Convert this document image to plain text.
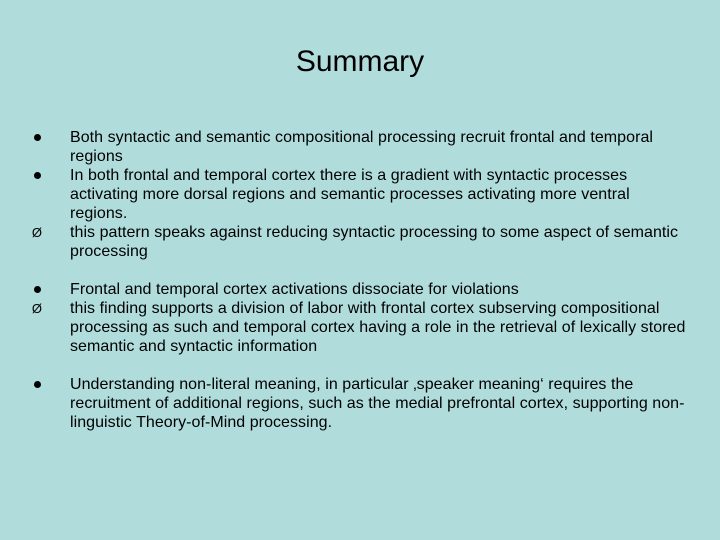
Summary
Both syntactic and semantic compositional processing recruit frontal and temporal regions
In both frontal and temporal cortex there is a gradient with syntactic processes activating more dorsal regions and semantic processes activating more ventral regions.
Ø this pattern speaks against reducing syntactic processing to some aspect of semantic processing
Frontal and temporal cortex activations dissociate for violations
Ø this finding supports a division of labor with frontal cortex subserving compositional processing as such and temporal cortex having a role in the retrieval of lexically stored semantic and syntactic information
Understanding non-literal meaning, in particular ‚speaker meaning‘ requires the recruitment of additional regions, such as the medial prefrontal cortex, supporting non-linguistic Theory-of-Mind processing.
